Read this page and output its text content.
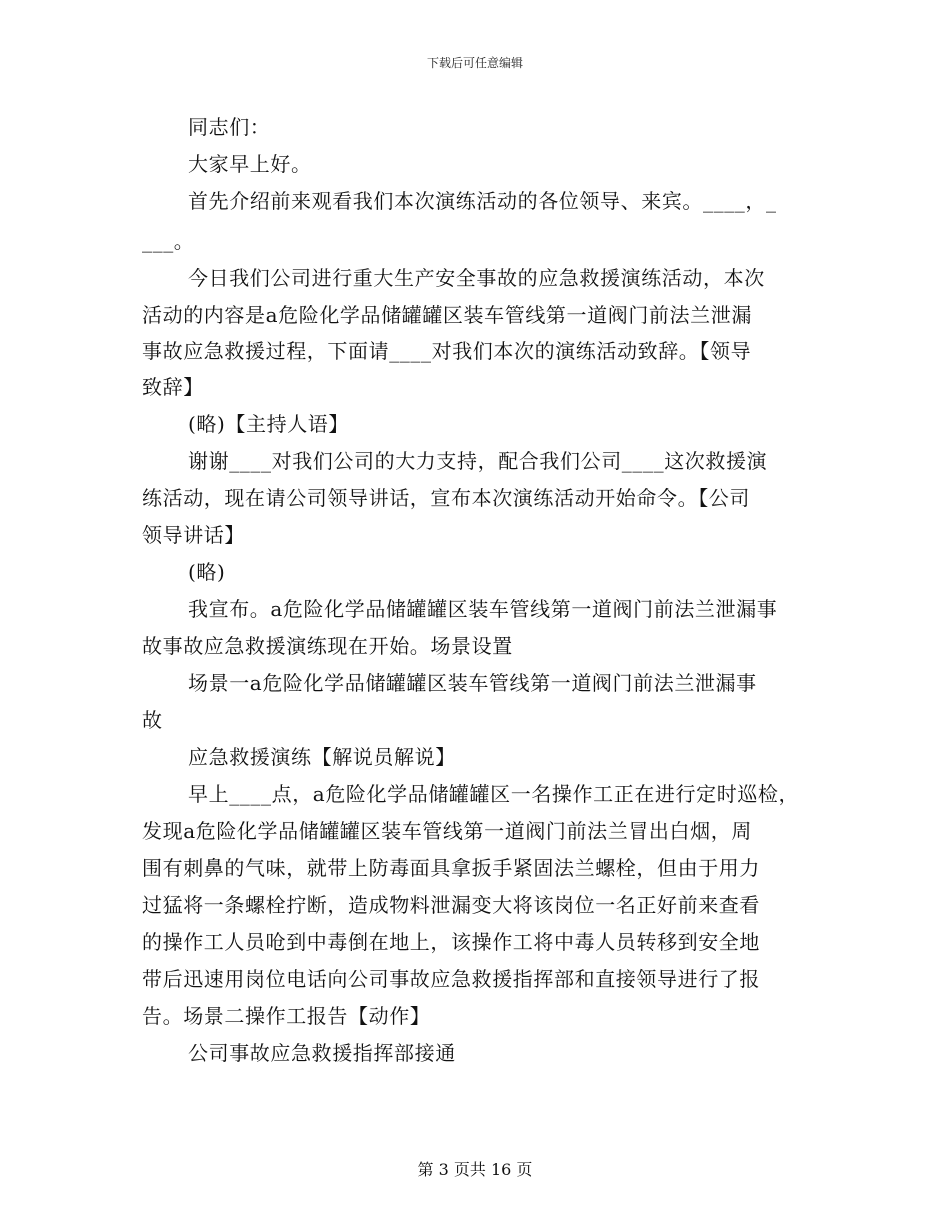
下载后可任意编辑
同志们：
大家早上好。
首先介绍前来观看我们本次演练活动的各位领导、来宾。____，_
___。
今日我们公司进行重大生产安全事故的应急救援演练活动，本次
活动的内容是a危险化学品储罐罐区装车管线第一道阀门前法兰泄漏
事故应急救援过程，下面请____对我们本次的演练活动致辞。【领导
致辞】
(略)【主持人语】
谢谢____对我们公司的大力支持，配合我们公司____这次救援演
练活动，现在请公司领导讲话，宣布本次演练活动开始命令。【公司
领导讲话】
(略)
我宣布。a危险化学品储罐罐区装车管线第一道阀门前法兰泄漏事
故事故应急救援演练现在开始。场景设置
场景一a危险化学品储罐罐区装车管线第一道阀门前法兰泄漏事
故
应急救援演练【解说员解说】
早上____点，a危险化学品储罐罐区一名操作工正在进行定时巡检，
发现a危险化学品储罐罐区装车管线第一道阀门前法兰冒出白烟，周
围有刺鼻的气味，就带上防毒面具拿扳手紧固法兰螺栓，但由于用力
过猛将一条螺栓拧断，造成物料泄漏变大将该岗位一名正好前来查看
的操作工人员呛到中毒倒在地上，该操作工将中毒人员转移到安全地
带后迅速用岗位电话向公司事故应急救援指挥部和直接领导进行了报
告。场景二操作工报告【动作】
公司事故应急救援指挥部接通
第 3 页共 16 页
